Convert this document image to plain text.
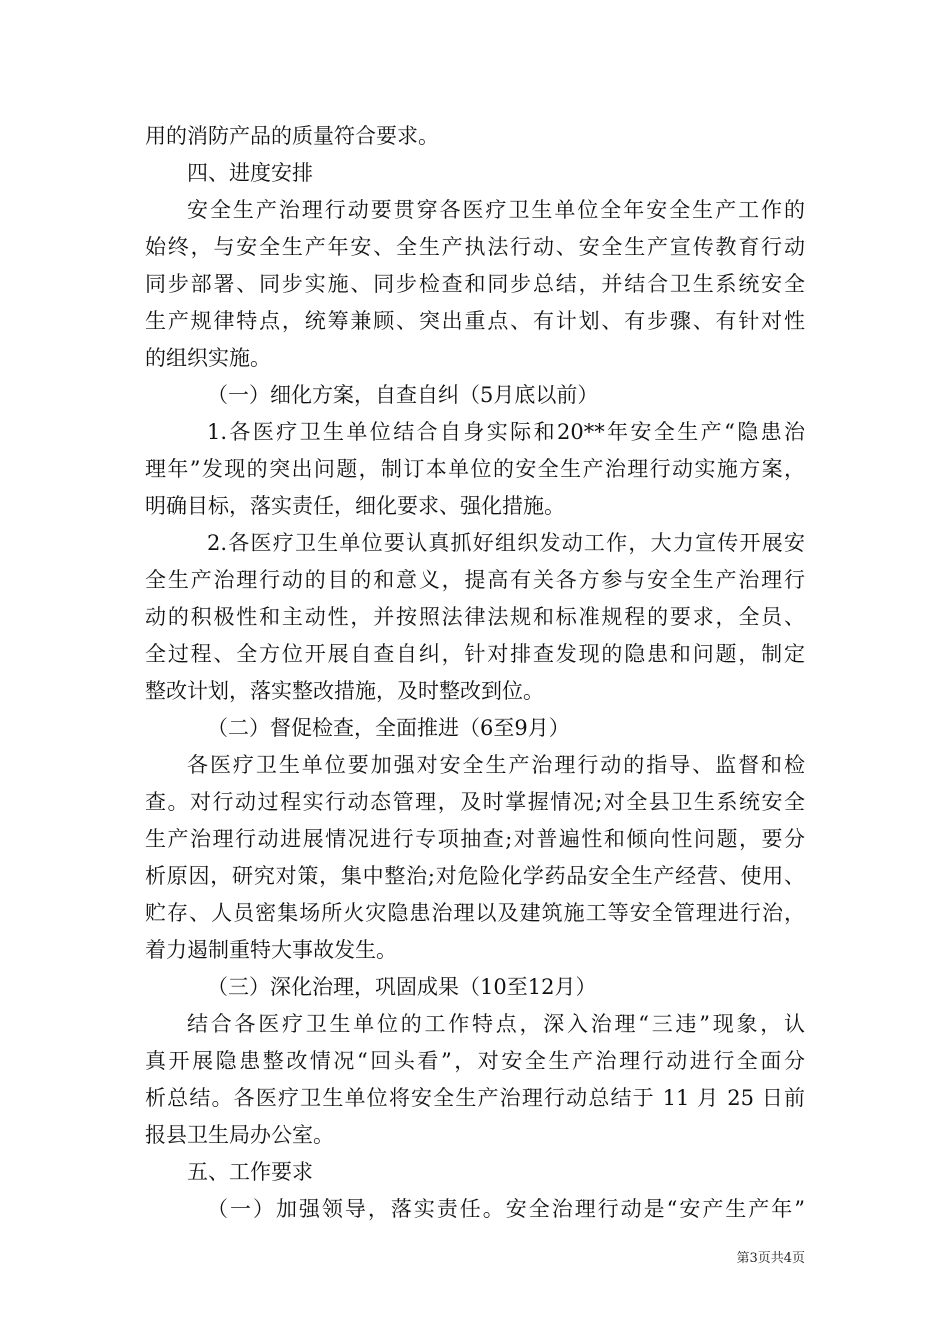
用的消防产品的质量符合要求。
四、进度安排
安全生产治理行动要贯穿各医疗卫生单位全年安全生产工作的
始终，与安全生产年安、全生产执法行动、安全生产宣传教育行动
同步部署、同步实施、同步检查和同步总结，并结合卫生系统安全
生产规律特点，统筹兼顾、突出重点、有计划、有步骤、有针对性
的组织实施。
（一）细化方案，自查自纠（5月底以前）
1.各医疗卫生单位结合自身实际和20**年安全生产“隐患治
理年”发现的突出问题，制订本单位的安全生产治理行动实施方案，
明确目标，落实责任，细化要求、强化措施。
2.各医疗卫生单位要认真抓好组织发动工作，大力宣传开展安
全生产治理行动的目的和意义，提高有关各方参与安全生产治理行
动的积极性和主动性，并按照法律法规和标准规程的要求，全员、
全过程、全方位开展自查自纠，针对排查发现的隐患和问题，制定
整改计划，落实整改措施，及时整改到位。
（二）督促检查，全面推进（6至9月）
各医疗卫生单位要加强对安全生产治理行动的指导、监督和检
查。对行动过程实行动态管理，及时掌握情况;对全县卫生系统安全
生产治理行动进展情况进行专项抽查;对普遍性和倾向性问题，要分
析原因，研究对策，集中整治;对危险化学药品安全生产经营、使用、
贮存、人员密集场所火灾隐患治理以及建筑施工等安全管理进行治，
着力遏制重特大事故发生。
（三）深化治理，巩固成果（10至12月）
结合各医疗卫生单位的工作特点，深入治理“三违”现象，认
真开展隐患整改情况“回头看”，对安全生产治理行动进行全面分
析总结。各医疗卫生单位将安全生产治理行动总结于 11 月 25 日前
报县卫生局办公室。
五、工作要求
（一）加强领导，落实责任。安全治理行动是“安产生产年”
第3页共4页
